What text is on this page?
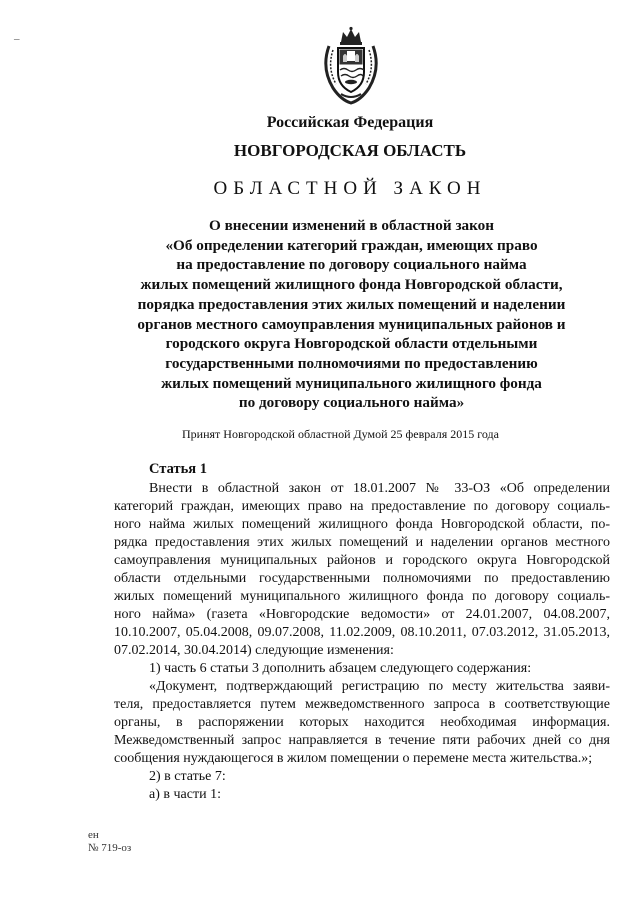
–
Российская Федерация
НОВГОРОДСКАЯ ОБЛАСТЬ
ОБЛАСТНОЙ ЗАКОН
О внесении изменений в областной закон
«Об определении категорий граждан, имеющих право
на предоставление по договору социального найма
жилых помещений жилищного фонда Новгородской области,
порядка предоставления этих жилых помещений и наделении
органов местного самоуправления муниципальных районов и
городского округа Новгородской области отдельными
государственными полномочиями по предоставлению
жилых помещений муниципального жилищного фонда
по договору социального найма»
Принят Новгородской областной Думой 25 февраля 2015 года
Статья 1
Внести в областной закон от 18.01.2007 № 33-ОЗ «Об определении
категорий граждан, имеющих право на предоставление по договору социаль-
ного найма жилых помещений жилищного фонда Новгородской области, по-
рядка предоставления этих жилых помещений и наделении органов местного
самоуправления муниципальных районов и городского округа Новгородской
области отдельными государственными полномочиями по предоставлению
жилых помещений муниципального жилищного фонда по договору социаль-
ного найма» (газета «Новгородские ведомости» от 24.01.2007, 04.08.2007,
10.10.2007, 05.04.2008, 09.07.2008, 11.02.2009, 08.10.2011, 07.03.2012, 31.05.2013,
07.02.2014, 30.04.2014) следующие изменения:
1) часть 6 статьи 3 дополнить абзацем следующего содержания:
«Документ, подтверждающий регистрацию по месту жительства заяви-
теля, предоставляется путем межведомственного запроса в соответствующие
органы, в распоряжении которых находится необходимая информация.
Межведомственный запрос направляется в течение пяти рабочих дней со дня
сообщения нуждающегося в жилом помещении о перемене места жительства.»;
2) в статье 7:
а) в части 1:
ен
№ 719-оз
